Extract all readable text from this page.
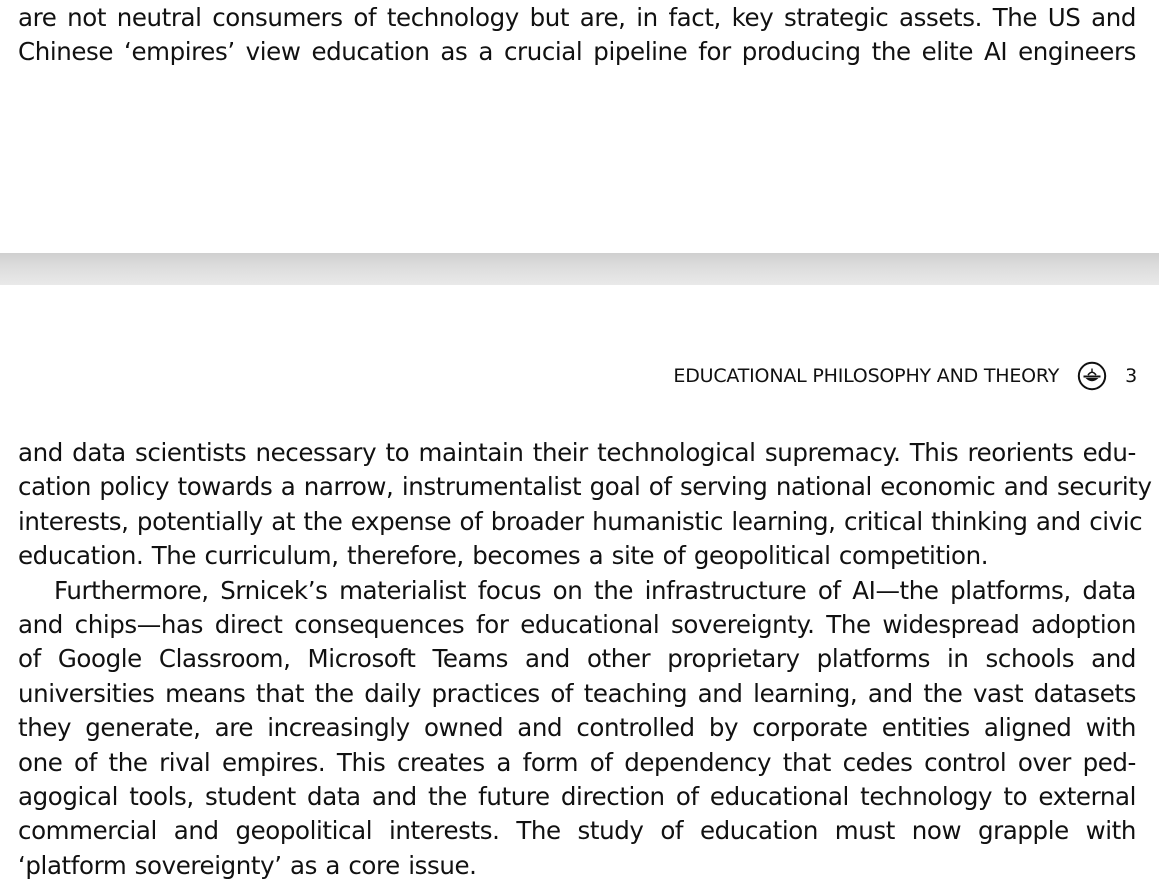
are not neutral consumers of technology but are, in fact, key strategic assets. The US and
Chinese ‘empires’ view education as a crucial pipeline for producing the elite AI engineers
EDUCATIONAL PHILOSOPHY AND THEORY	3
and data scientists necessary to maintain their technological supremacy. This reorients edu-
cation policy towards a narrow, instrumentalist goal of serving national economic and security
interests, potentially at the expense of broader humanistic learning, critical thinking and civic
education. The curriculum, therefore, becomes a site of geopolitical competition.
Furthermore, Srnicek’s materialist focus on the infrastructure of AI—the platforms, data
and chips—has direct consequences for educational sovereignty. The widespread adoption
of Google Classroom, Microsoft Teams and other proprietary platforms in schools and
universities means that the daily practices of teaching and learning, and the vast datasets
they generate, are increasingly owned and controlled by corporate entities aligned with
one of the rival empires. This creates a form of dependency that cedes control over ped-
agogical tools, student data and the future direction of educational technology to external
commercial and geopolitical interests. The study of education must now grapple with
‘platform sovereignty’ as a core issue.
